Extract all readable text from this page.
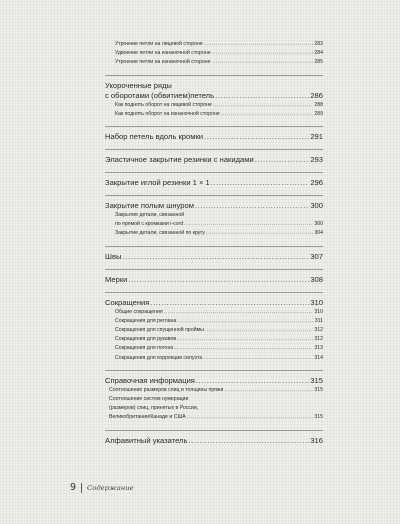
Утроение петли на лицевой стороне .....	283
Удвоение петли на изнаночной стороне .....	284
Утроение петли на изнаночной стороне .....	285
Укороченные ряды
с оборотами (обвитием)петель .....	286
Как поднять оборот на лицевой стороне .....	288
Как поднять оборот на изнаночной стороне .....	289
Набор петель вдоль кромки .....	291
Эластичное закрытие резинки с накидами .....	293
Закрытие иглой резинки 1 × 1 .....	296
Закрытие полым шнуром .....	300
Закрытие детали, связанной
по прямой с кромками i-cord .....	300
Закрытие детали, связанной по кругу .....	304
Швы .....	307
Мерки .....	308
Сокращения .....	310
Общие сокращения .....	310
Сокращения для реглана .....	311
Сокращения для спущенной проймы .....	312
Сокращения для рукавов .....	312
Сокращения для погона .....	313
Сокращения для коррекции силуэта .....	314
Справочная информация .....	315
Соотношение размеров спиц и толщины пряжи .....	315
Соотношение систем нумерации
(размеров) спиц, принятых в России,
Великобритании/Канаде и США .....	315
Алфавитный указатель .....	316
9 Содержание
